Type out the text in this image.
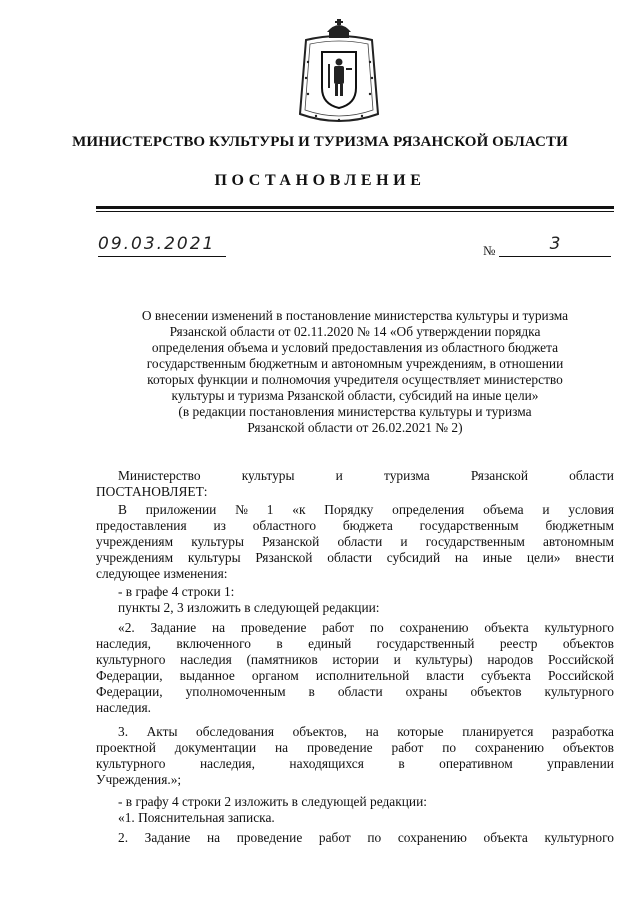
МИНИСТЕРСТВО КУЛЬТУРЫ И ТУРИЗМА РЯЗАНСКОЙ ОБЛАСТИ
ПОСТАНОВЛЕНИЕ
09.03.2021	№	3
О внесении изменений в постановление министерства культуры и туризма
Рязанской области от 02.11.2020 № 14 «Об утверждении порядка
определения объема и условий предоставления из областного бюджета
государственным бюджетным и автономным учреждениям, в отношении
которых функции и полномочия учредителя осуществляет министерство
культуры и туризма Рязанской области, субсидий на иные цели»
(в редакции постановления министерства культуры и туризма
Рязанской области от 26.02.2021 № 2)
Министерство	культуры	и	туризма	Рязанской	области
ПОСТАНОВЛЯЕТ:
В приложении № 1 «к Порядку определения объема и условия
предоставления из областного бюджета государственным бюджетным
учреждениям культуры Рязанской области и государственным автономным
учреждениям культуры Рязанской области субсидий на иные цели» внести
следующее изменения:
- в графе 4 строки 1:
пункты 2, 3 изложить в следующей редакции:
«2. Задание на проведение работ по сохранению объекта культурного
наследия, включенного в единый государственный реестр объектов
культурного наследия (памятников истории и культуры) народов Российской
Федерации, выданное органом исполнительной власти субъекта Российской
Федерации, уполномоченным в области охраны объектов культурного
наследия.
3. Акты обследования объектов, на которые планируется разработка
проектной документации на проведение работ по сохранению объектов
культурного	наследия,	находящихся	в	оперативном	управлении
Учреждения.»;
- в графу 4 строки 2 изложить в следующей редакции:
«1. Пояснительная записка.
2. Задание на проведение работ по сохранению объекта культурного
